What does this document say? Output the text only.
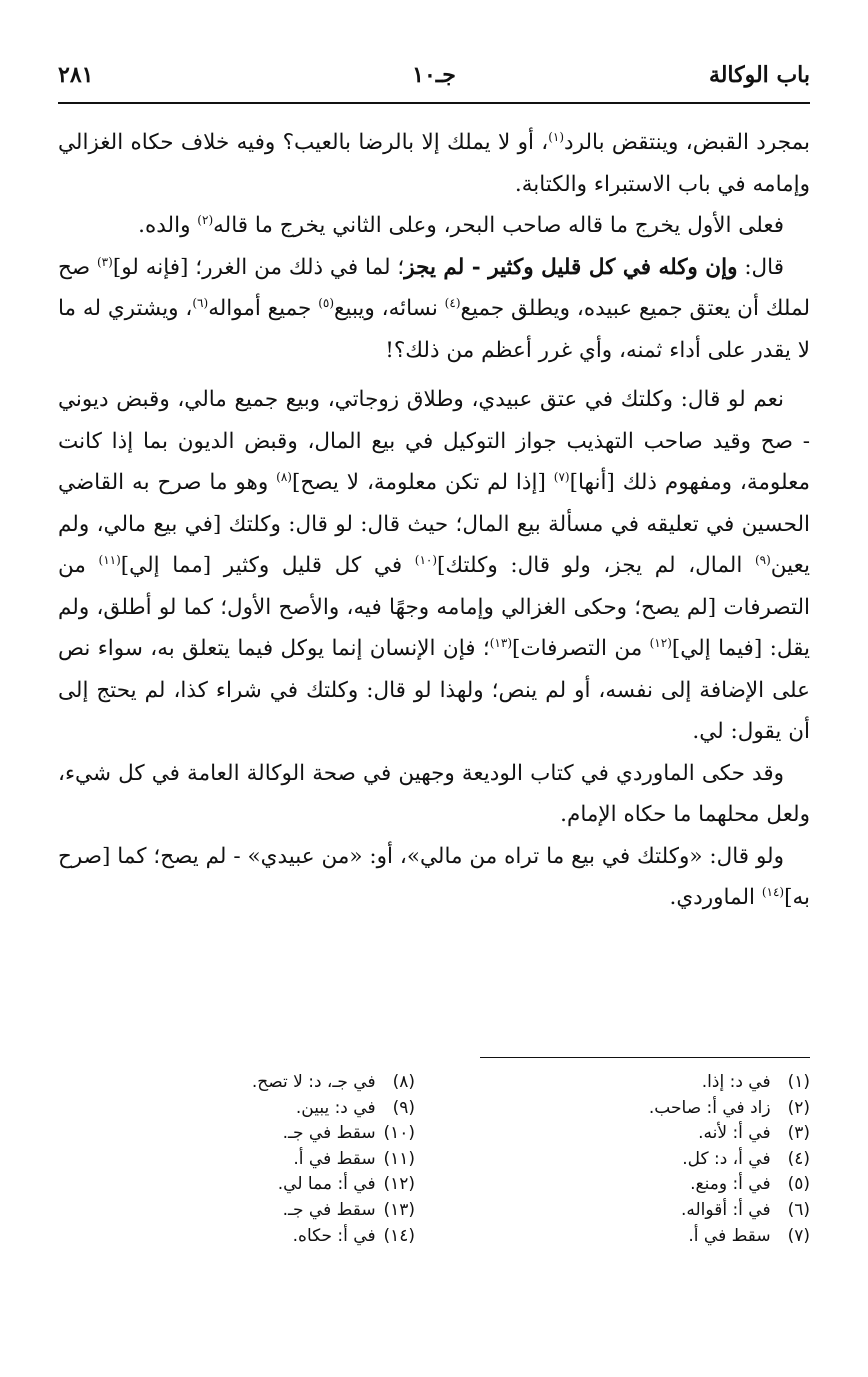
باب الوكالة
جـ١٠
٢٨١

بمجرد القبض، وينتقض بالرد$^{(١)}$، أو لا يملك إلا بالرضا بالعيب؟ وفيه خلاف حكاه الغزالي وإمامه في باب الاستبراء والكتابة.

فعلى الأول يخرج ما قاله صاحب البحر، وعلى الثاني يخرج ما قاله$^{(٢)}$ والده.

قال: وإن وكله في كل قليل وكثير - لم يجز؛ لما في ذلك من الغرر؛ [فإنه لو]$^{(٣)}$ صح لملك أن يعتق جميع عبيده، ويطلق جميع$^{(٤)}$ نسائه، ويبيع$^{(٥)}$ جميع أمواله$^{(٦)}$، ويشتري له ما لا يقدر على أداء ثمنه، وأي غرر أعظم من ذلك؟!

نعم لو قال: وكلتك في عتق عبيدي، وطلاق زوجاتي، وبيع جميع مالي، وقبض ديوني - صح وقيد صاحب التهذيب جواز التوكيل في بيع المال، وقبض الديون بما إذا كانت معلومة، ومفهوم ذلك [أنها]$^{(٧)}$ [إذا لم تكن معلومة، لا يصح]$^{(٨)}$ وهو ما صرح به القاضي الحسين في تعليقه في مسألة بيع المال؛ حيث قال: لو قال: وكلتك [في بيع مالي، ولم يعين$^{(٩)}$ المال، لم يجز، ولو قال: وكلتك]$^{(١٠)}$ في كل قليل وكثير [مما إلي]$^{(١١)}$ من التصرفات [لم يصح؛ وحكى الغزالي وإمامه وجهًا فيه، والأصح الأول؛ كما لو أطلق، ولم يقل: [فيما إلي]$^{(١٢)}$ من التصرفات]$^{(١٣)}$؛ فإن الإنسان إنما يوكل فيما يتعلق به، سواء نص على الإضافة إلى نفسه، أو لم ينص؛ ولهذا لو قال: وكلتك في شراء كذا، لم يحتج إلى أن يقول: لي.

وقد حكى الماوردي في كتاب الوديعة وجهين في صحة الوكالة العامة في كل شيء، ولعل محلهما ما حكاه الإمام.

ولو قال: «وكلتك في بيع ما تراه من مالي»، أو: «من عبيدي» - لم يصح؛ كما [صرح به]$^{(١٤)}$ الماوردي.

(١) في د: إذا.
(٢) زاد في أ: صاحب.
(٣) في أ: لأنه.
(٤) في أ، د: كل.
(٥) في أ: ومنع.
(٦) في أ: أقواله.
(٧) سقط في أ.
(٨) في جـ، د: لا تصح.
(٩) في د: يبين.
(١٠) سقط في جـ.
(١١) سقط في أ.
(١٢) في أ: مما لي.
(١٣) سقط في جـ.
(١٤) في أ: حكاه.
